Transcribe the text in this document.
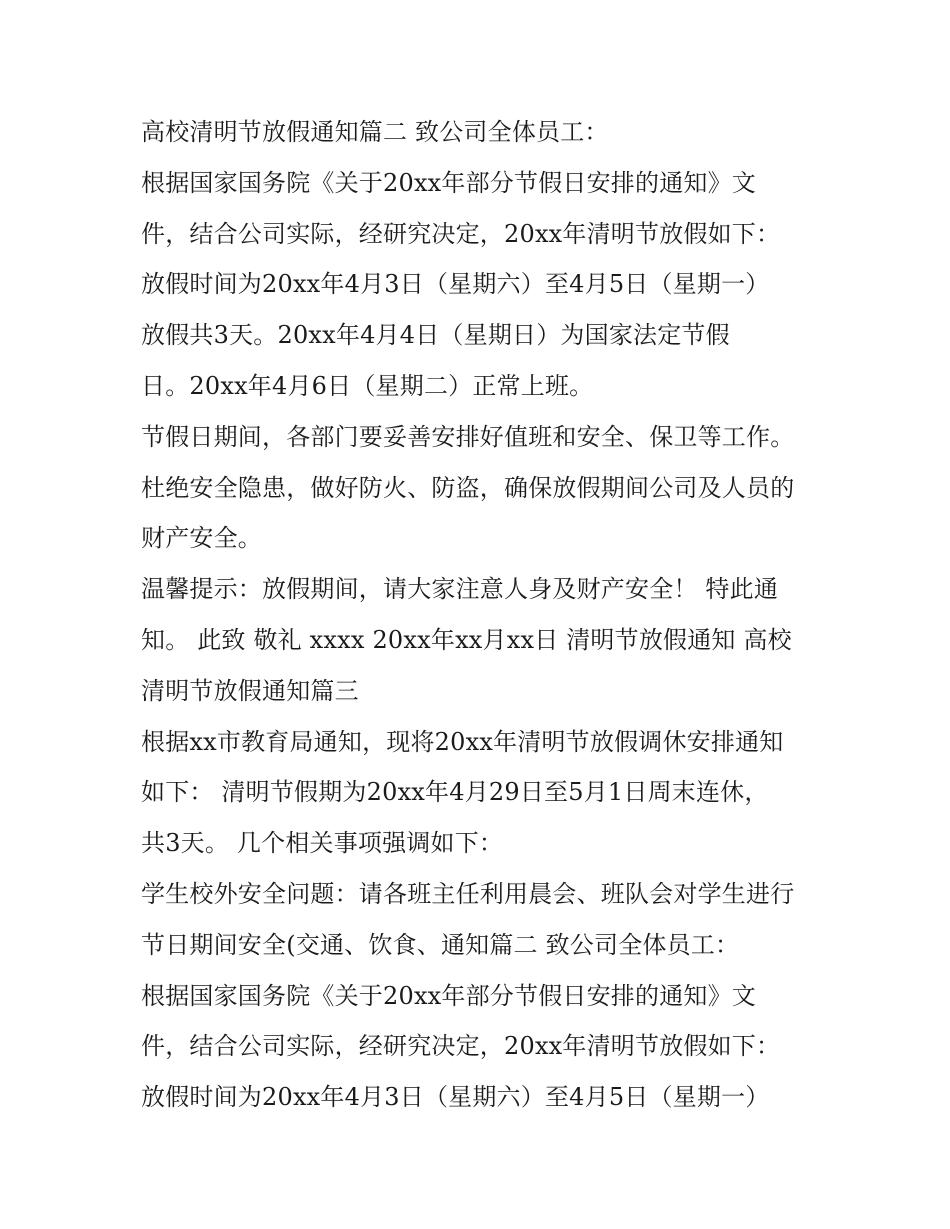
高校清明节放假通知篇二 致公司全体员工：
根据国家国务院《关于20xx年部分节假日安排的通知》文
件，结合公司实际，经研究决定，20xx年清明节放假如下：
放假时间为20xx年4月3日（星期六）至4月5日（星期一）
放假共3天。20xx年4月4日（星期日）为国家法定节假
日。20xx年4月6日（星期二）正常上班。
节假日期间，各部门要妥善安排好值班和安全、保卫等工作。
杜绝安全隐患，做好防火、防盗，确保放假期间公司及人员的
财产安全。
温馨提示：放假期间，请大家注意人身及财产安全！ 特此通
知。 此致 敬礼 xxxx 20xx年xx月xx日 清明节放假通知 高校
清明节放假通知篇三
根据xx市教育局通知，现将20xx年清明节放假调休安排通知
如下： 清明节假期为20xx年4月29日至5月1日周末连休，
共3天。 几个相关事项强调如下：
学生校外安全问题：请各班主任利用晨会、班队会对学生进行
节日期间安全(交通、饮食、通知篇二 致公司全体员工：
根据国家国务院《关于20xx年部分节假日安排的通知》文
件，结合公司实际，经研究决定，20xx年清明节放假如下：
放假时间为20xx年4月3日（星期六）至4月5日（星期一）
